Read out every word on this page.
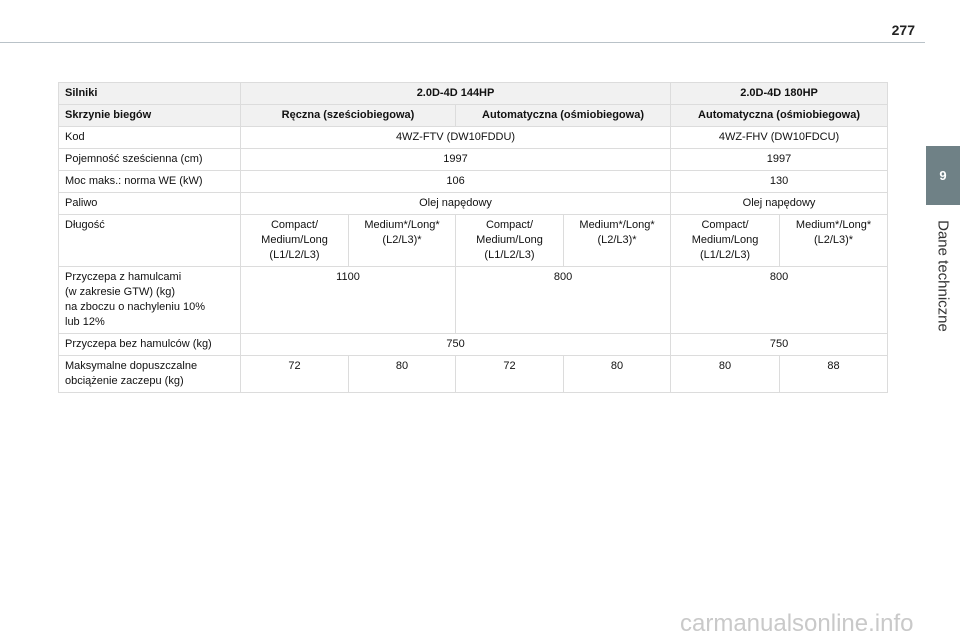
277
9
Dane techniczne
Silniki	2.0D-4D 144HP				2.0D-4D 180HP	
Skrzynie biegów	Ręczna (sześciobiegowa)		Automatyczna (ośmiobiegowa)		Automatyczna (ośmiobiegowa)	
Kod	4WZ-FTV (DW10FDDU)				4WZ-FHV (DW10FDCU)	
Pojemność sześcienna (cm)	1997				1997	
Moc maks.: norma WE (kW)	106				130	
Paliwo	Olej napędowy				Olej napędowy	
Długość	Compact/
Medium/Long
(L1/L2/L3)	Medium*/Long*
(L2/L3)*	Compact/
Medium/Long
(L1/L2/L3)	Medium*/Long*
(L2/L3)*	Compact/
Medium/Long
(L1/L2/L3)	Medium*/Long*
(L2/L3)*
Przyczepa z hamulcami
(w zakresie GTW) (kg)
na zboczu o nachyleniu 10%
lub 12%	1100		800		800	
Przyczepa bez hamulców (kg)	750				750	
Maksymalne dopuszczalne
obciążenie zaczepu (kg)	72	80	72	80	80	88
carmanualsonline.info
